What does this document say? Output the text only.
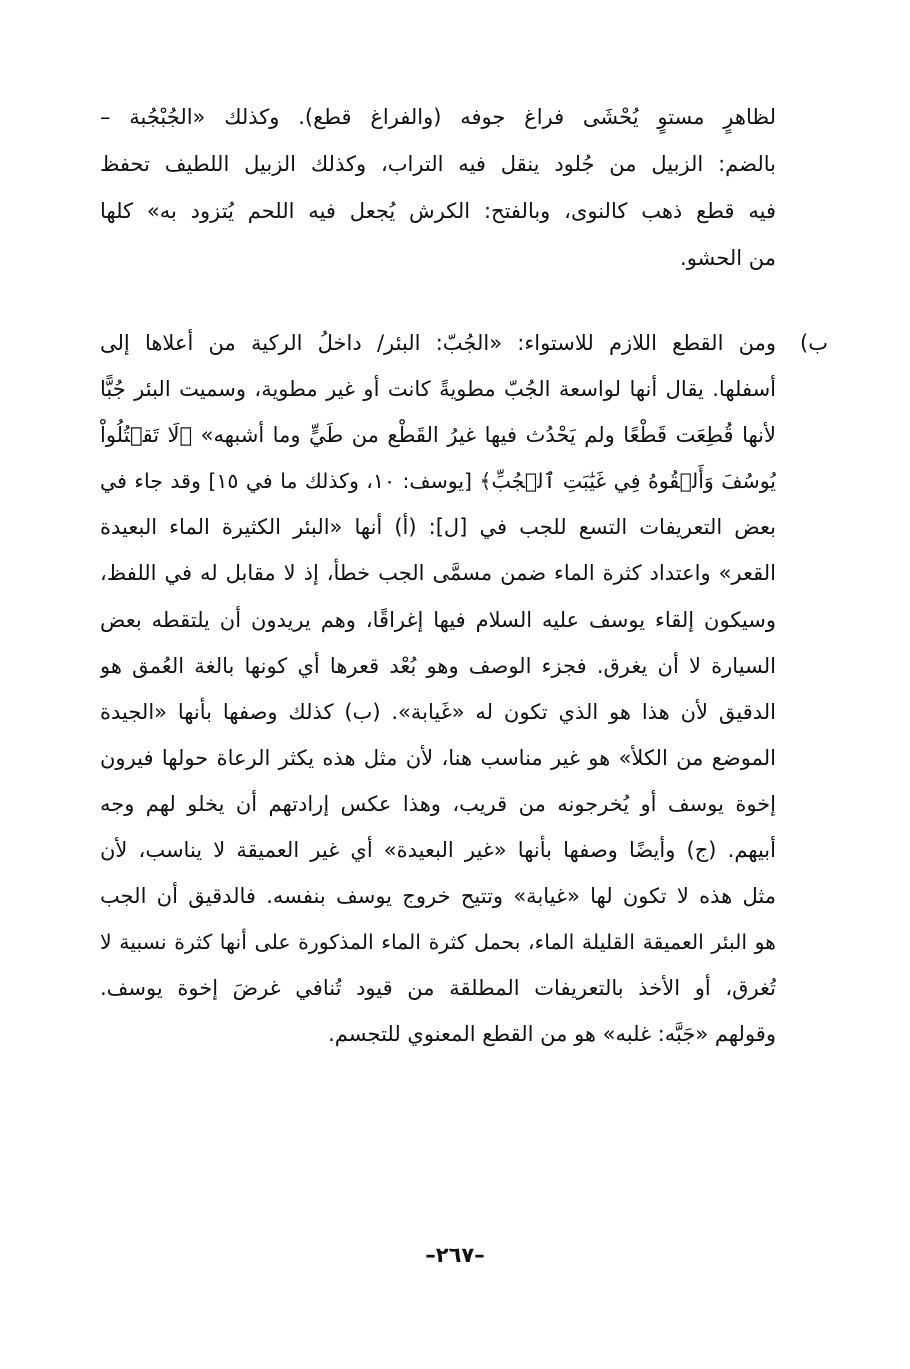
لظاهرٍ مستوٍ يُحْشَى فراغ جوفه (والفراغ قطع). وكذلك «الجُبْجُبة –
بالضم: الزبيل من جُلود ينقل فيه التراب، وكذلك الزبيل اللطيف تحفظ
فيه قطع ذهب كالنوى، وبالفتح: الكرش يُجعل فيه اللحم يُتزود به» كلها
من الحشو.
ب)
ومن القطع اللازم للاستواء: «الجُبّ: البئر/ داخلُ الركية من أعلاها إلى
أسفلها. يقال أنها لواسعة الجُبّ مطويةً كانت أو غير مطوية، وسميت البئر جُبًّا
لأنها قُطِعَت قَطْعًا ولم يَحْدُث فيها غيرُ القَطْع من طَيٍّ وما أشبهه» ﴿لَا تَقۡتُلُواْ
يُوسُفَ وَأَلۡقُوهُ فِي غَيَٰبَتِ ٱلۡجُبِّ﴾ [يوسف: ١٠، وكذلك ما في ١٥] وقد جاء في
بعض التعريفات التسع للجب في [ل]: (أ) أنها «البئر الكثيرة الماء البعيدة
القعر» واعتداد كثرة الماء ضمن مسمَّى الجب خطأ، إذ لا مقابل له في اللفظ،
وسيكون إلقاء يوسف عليه السلام فيها إغراقًا، وهم يريدون أن يلتقطه بعض
السيارة لا أن يغرق. فجزء الوصف وهو بُعْد قعرها أي كونها بالغة العُمق هو
الدقيق لأن هذا هو الذي تكون له «غَيابة». (ب) كذلك وصفها بأنها «الجيدة
الموضع من الكلأ» هو غير مناسب هنا، لأن مثل هذه يكثر الرعاة حولها فيرون
إخوة يوسف أو يُخرجونه من قريب، وهذا عكس إرادتهم أن يخلو لهم وجه
أبيهم. (ج) وأيضًا وصفها بأنها «غير البعيدة» أي غير العميقة لا يناسب، لأن
مثل هذه لا تكون لها «غيابة» وتتيح خروج يوسف بنفسه. فالدقيق أن الجب
هو البئر العميقة القليلة الماء، بحمل كثرة الماء المذكورة على أنها كثرة نسبية لا
تُغرق، أو الأخذ بالتعريفات المطلقة من قيود تُنافي غرضَ إخوة يوسف.
وقولهم «جَبَّه: غلبه» هو من القطع المعنوي للتجسم.
–٢٦٧–
